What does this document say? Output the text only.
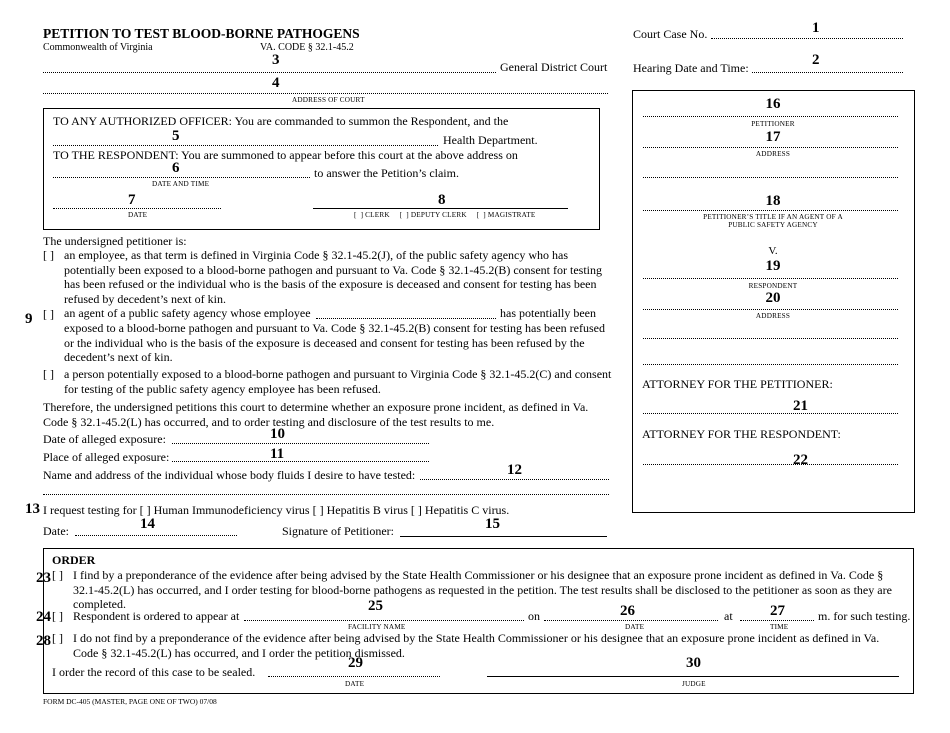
PETITION TO TEST BLOOD-BORNE PATHOGENS
Commonwealth of Virginia	VA. CODE § 32.1-45.2
3	General District Court
4
ADDRESS OF COURT
Court Case No.	1
Hearing Date and Time:	2
TO ANY AUTHORIZED OFFICER: You are commanded to summon the Respondent, and the
5	Health Department.
TO THE RESPONDENT: You are summoned to appear before this court at the above address on
6	to answer the Petition’s claim.
DATE AND TIME
7
DATE
8
[  ] CLERK     [  ] DEPUTY CLERK     [  ] MAGISTRATE
16
PETITIONER
17
ADDRESS
18
PETITIONER’S TITLE IF AN AGENT OF A
PUBLIC SAFETY AGENCY
V.
19
RESPONDENT
20
ADDRESS
ATTORNEY FOR THE PETITIONER:
21
ATTORNEY FOR THE RESPONDENT:
22
The undersigned petitioner is:
[ ] an employee, as that term is defined in Virginia Code § 32.1-45.2(J), of the public safety agency who has potentially been exposed to a blood-borne pathogen and pursuant to Va. Code § 32.1-45.2(B) consent for testing has been refused or the individual who is the basis of the exposure is deceased and consent for testing has been refused by decedent’s next of kin.
9 [ ] an agent of a public safety agency whose employee	has potentially been
exposed to a blood-borne pathogen and pursuant to Va. Code § 32.1-45.2(B) consent for testing has been refused or the individual who is the basis of the exposure is deceased and consent for testing has been refused by the decedent’s next of kin.
[ ] a person potentially exposed to a blood-borne pathogen and pursuant to Virginia Code § 32.1-45.2(C) and consent for testing of the public safety agency employee has been refused.
Therefore, the undersigned petitions this court to determine whether an exposure prone incident, as defined in Va. Code § 32.1-45.2(L) has occurred, and to order testing and disclosure of the test results to me.
Date of alleged exposure:	10
Place of alleged exposure:	11
Name and address of the individual whose body fluids I desire to have tested:	12
13 I request testing for [ ] Human Immunodeficiency virus [ ] Hepatitis B virus [ ] Hepatitis C virus.
Date:	14	Signature of Petitioner:	15
ORDER
23 [ ] I find by a preponderance of the evidence after being advised by the State Health Commissioner or his designee that an exposure prone incident as defined in Va. Code § 32.1-45.2(L) has occurred, and I order testing for blood-borne pathogens as requested in the petition. The test results shall be disclosed to the petitioner as soon as they are completed.
24 [ ] Respondent is ordered to appear at
25
FACILITY NAME
on	26
DATE
at 27
TIME
m. for such testing.
28 [ ] I do not find by a preponderance of the evidence after being advised by the State Health Commissioner or his designee that an exposure prone incident as defined in Va. Code § 32.1-45.2(L) has occurred, and I order the petition dismissed.
I order the record of this case to be sealed.
29
DATE
30
JUDGE
FORM DC-405 (MASTER, PAGE ONE OF TWO) 07/08
